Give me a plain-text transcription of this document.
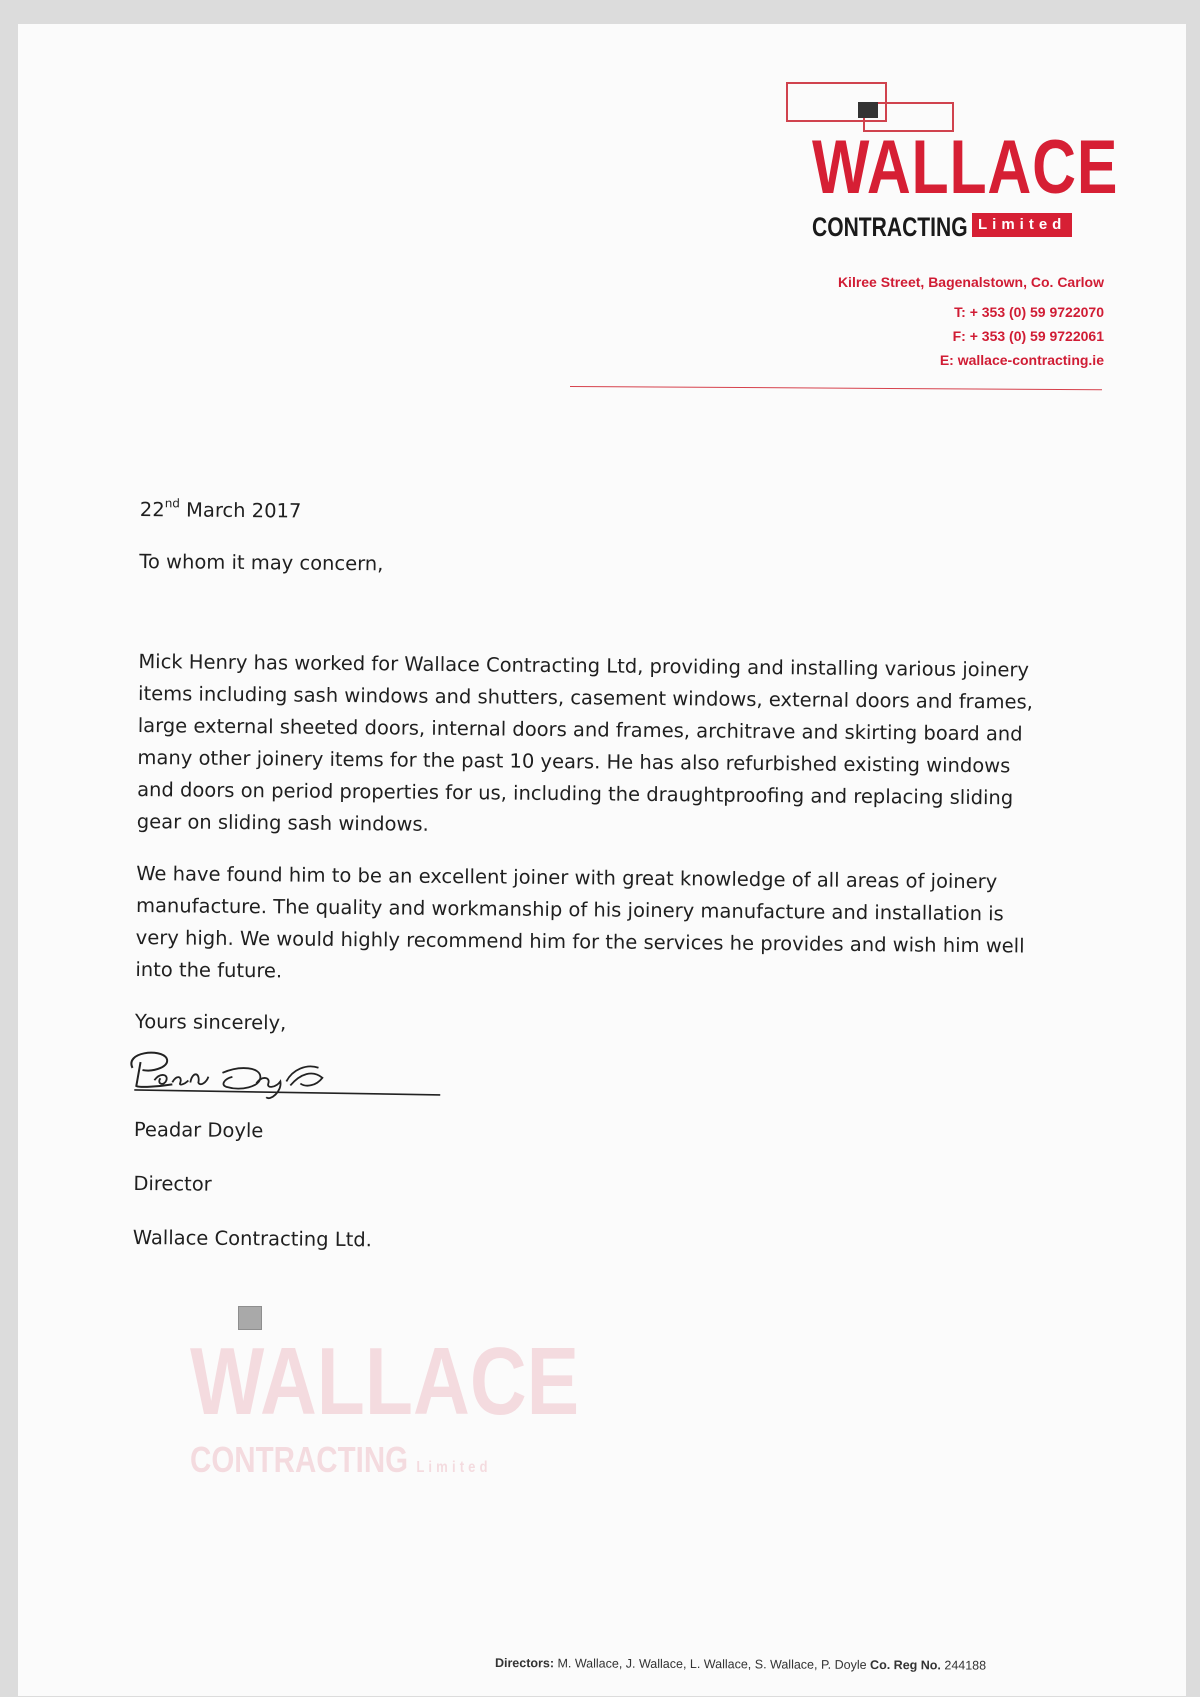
WALLACE
CONTRACTING Limited
Kilree Street, Bagenalstown, Co. Carlow
T: + 353 (0) 59 9722070
F: + 353 (0) 59 9722061
E: wallace-contracting.ie

22nd March 2017

To whom it may concern,

Mick Henry has worked for Wallace Contracting Ltd, providing and installing various joinery items including sash windows and shutters, casement windows, external doors and frames, large external sheeted doors, internal doors and frames, architrave and skirting board and many other joinery items for the past 10 years. He has also refurbished existing windows and doors on period properties for us, including the draughtproofing and replacing sliding gear on sliding sash windows.

We have found him to be an excellent joiner with great knowledge of all areas of joinery manufacture. The quality and workmanship of his joinery manufacture and installation is very high. We would highly recommend him for the services he provides and wish him well into the future.

Yours sincerely,

Peadar Doyle

Director

Wallace Contracting Ltd.

WALLACE
CONTRACTING Limited
Directors: M. Wallace, J. Wallace, L. Wallace, S. Wallace, P. Doyle Co. Reg No. 244188
